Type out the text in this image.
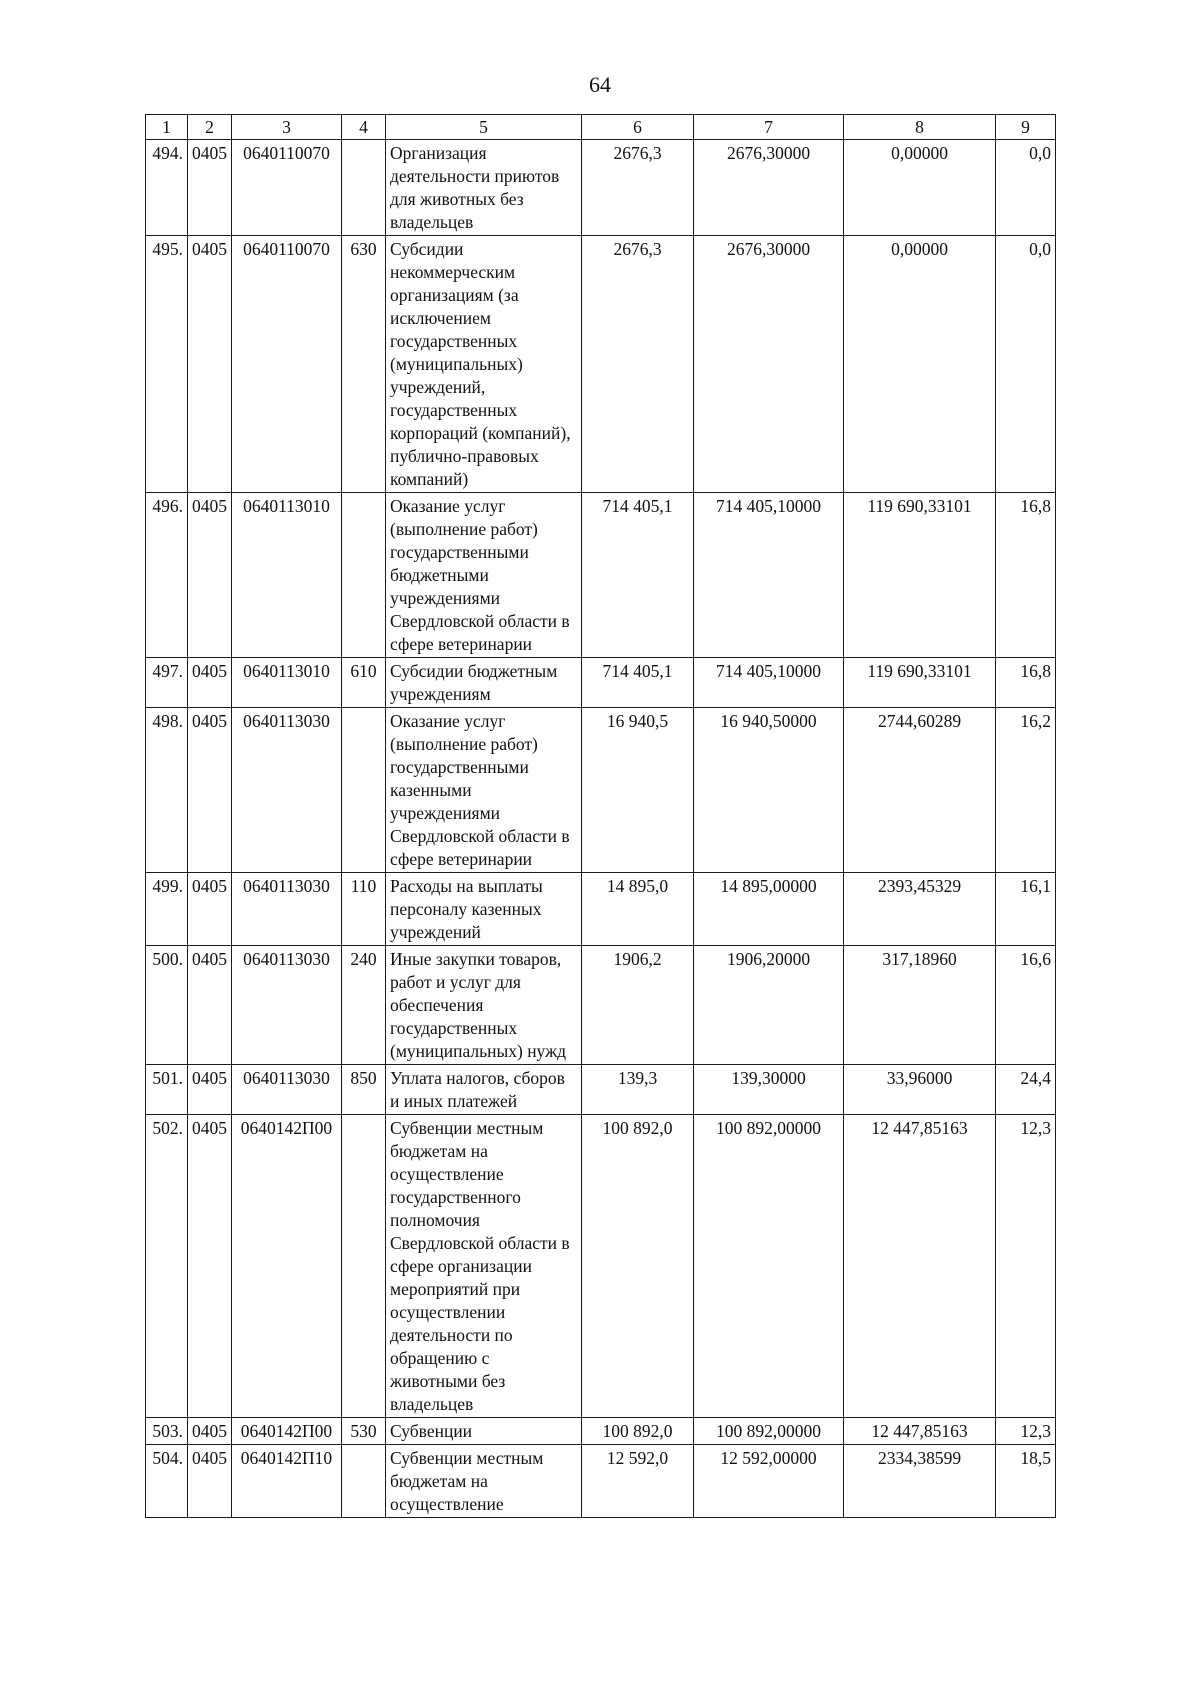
64
1	2	3	4	5	6	7	8	9
494.	0405	0640110070		Организация деятельности приютов для животных без владельцев	2676,3	2676,30000	0,00000	0,0
495.	0405	0640110070	630	Субсидии некоммерческим организациям (за исключением государственных (муниципальных) учреждений, государственных корпораций (компаний), публично-правовых компаний)	2676,3	2676,30000	0,00000	0,0
496.	0405	0640113010		Оказание услуг (выполнение работ) государственными бюджетными учреждениями Свердловской области в сфере ветеринарии	714 405,1	714 405,10000	119 690,33101	16,8
497.	0405	0640113010	610	Субсидии бюджетным учреждениям	714 405,1	714 405,10000	119 690,33101	16,8
498.	0405	0640113030		Оказание услуг (выполнение работ) государственными казенными учреждениями Свердловской области в сфере ветеринарии	16 940,5	16 940,50000	2744,60289	16,2
499.	0405	0640113030	110	Расходы на выплаты персоналу казенных учреждений	14 895,0	14 895,00000	2393,45329	16,1
500.	0405	0640113030	240	Иные закупки товаров, работ и услуг для обеспечения государственных (муниципальных) нужд	1906,2	1906,20000	317,18960	16,6
501.	0405	0640113030	850	Уплата налогов, сборов и иных платежей	139,3	139,30000	33,96000	24,4
502.	0405	0640142П00		Субвенции местным бюджетам на осуществление государственного полномочия Свердловской области в сфере организации мероприятий при осуществлении деятельности по обращению с животными без владельцев	100 892,0	100 892,00000	12 447,85163	12,3
503.	0405	0640142П00	530	Субвенции	100 892,0	100 892,00000	12 447,85163	12,3
504.	0405	0640142П10		Субвенции местным бюджетам на осуществление	12 592,0	12 592,00000	2334,38599	18,5
